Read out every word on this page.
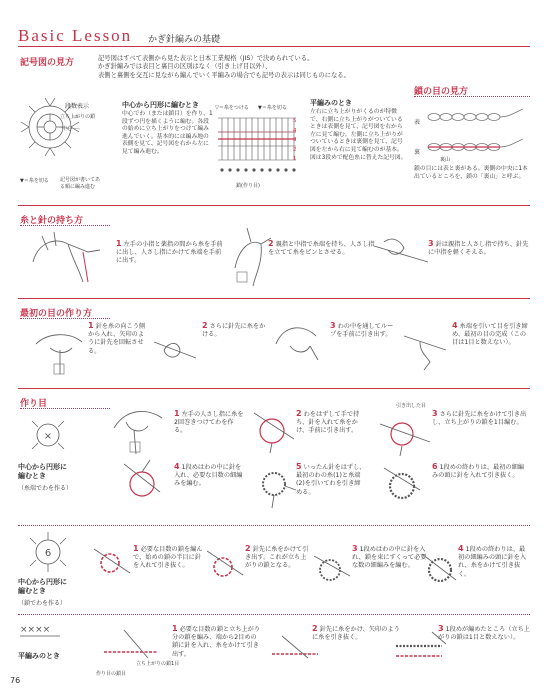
Basic Lesson かぎ針編みの基礎
記号図の見方	記号図はすべて表側から見た表示と日本工業規格（JIS）で決められている。
かぎ針編みでは表目と裏目の区別はなく（引き上げ目以外）、
表側と裏側を交互に見ながら編んでいく平編みの場合でも記号の表示は同じものになる。
段数表示
立ち上がりの鎖
中心
▼＝糸を切る 記号図が書いてある順に編み進む
中心から円形に編むとき
中心でわ（または鎖目）を作り、1段ずつ円を描くように編む。各段の始めに立ち上がりをつけて編み進んでいく。基本的には編み地の表側を見て、記号図を右から左に見て編み進む。
▽＝糸をつける ▼＝糸を切る
5
4
3
2
1
鎖(作り目)
平編みのとき
左右に立ち上がりがくるのが特徴で、右側に立ち上がりがついているときは表側を見て、記号図を右から左に見て編む。左側に立ち上がりがついているときは裏側を見て、記号図を左から右に見て編むのが基本。図は3段めで配色糸に替えた記号図。
鎖の目の見方
表
裏
裏山
鎖の目には表と裏がある。裏側の中央に1本出ているところを、鎖の「裏山」と呼ぶ。
糸と針の持ち方
1 左手の小指と薬指の間から糸を手前に出し、人さし指にかけて糸端を手前に出す。
2 親指と中指で糸端を持ち、人さし指を立てて糸をピンとさせる。
3 針は親指と人さし指で持ち、針先に中指を軽くそえる。
最初の目の作り方
1 針を糸の向こう側から入れ、矢印のように針先を回転させる。
2 さらに針先に糸をかける。
3 わの中を通してループを手前に引き出す。
4 糸端を引いて目を引き締め、最初の目の完成（この目は1目と数えない）。
作り目
×
中心から円形に
編むとき
（糸端でわを作る）
1 左手の人さし指に糸を2回巻きつけてわを作る。
2 わをはずして手で持ち、針を入れて糸をかけ、手前に引き出す。
引き出した目
3 さらに針先に糸をかけて引き出し、立ち上がりの鎖を1目編む。
4 1段めはわの中に針を入れ、必要な目数の細編みを編む。
5 いったん針をはずし、最初のわの糸(1)と糸端(2)を引いてわを引き締める。
6 1段めの終わりは、最初の細編みの頭に針を入れて引き抜く。
6
中心から円形に
編むとき
（鎖でわを作る）
1 必要な目数の鎖を編んで、始めの鎖の半目に針を入れて引き抜く。
2 針先に糸をかけて引き出す。これが立ち上がりの鎖となる。
3 1段めはわの中に針を入れ、鎖を束にすくって必要な数の細編みを編む。
4 1段めの終わりは、最初の細編みの頭に針を入れ、糸をかけて引き抜く。
××××
平編みのとき
立ち上がりの鎖1目
作り目の鎖目
1 必要な目数の鎖と立ち上がり分の鎖を編み、端から2目めの鎖に針を入れ、糸をかけて引き出す。
2 針先に糸をかけ、矢印のように糸を引き抜く。
3 1段めが編めたところ（立ち上がりの鎖は1目と数えない）。
76
